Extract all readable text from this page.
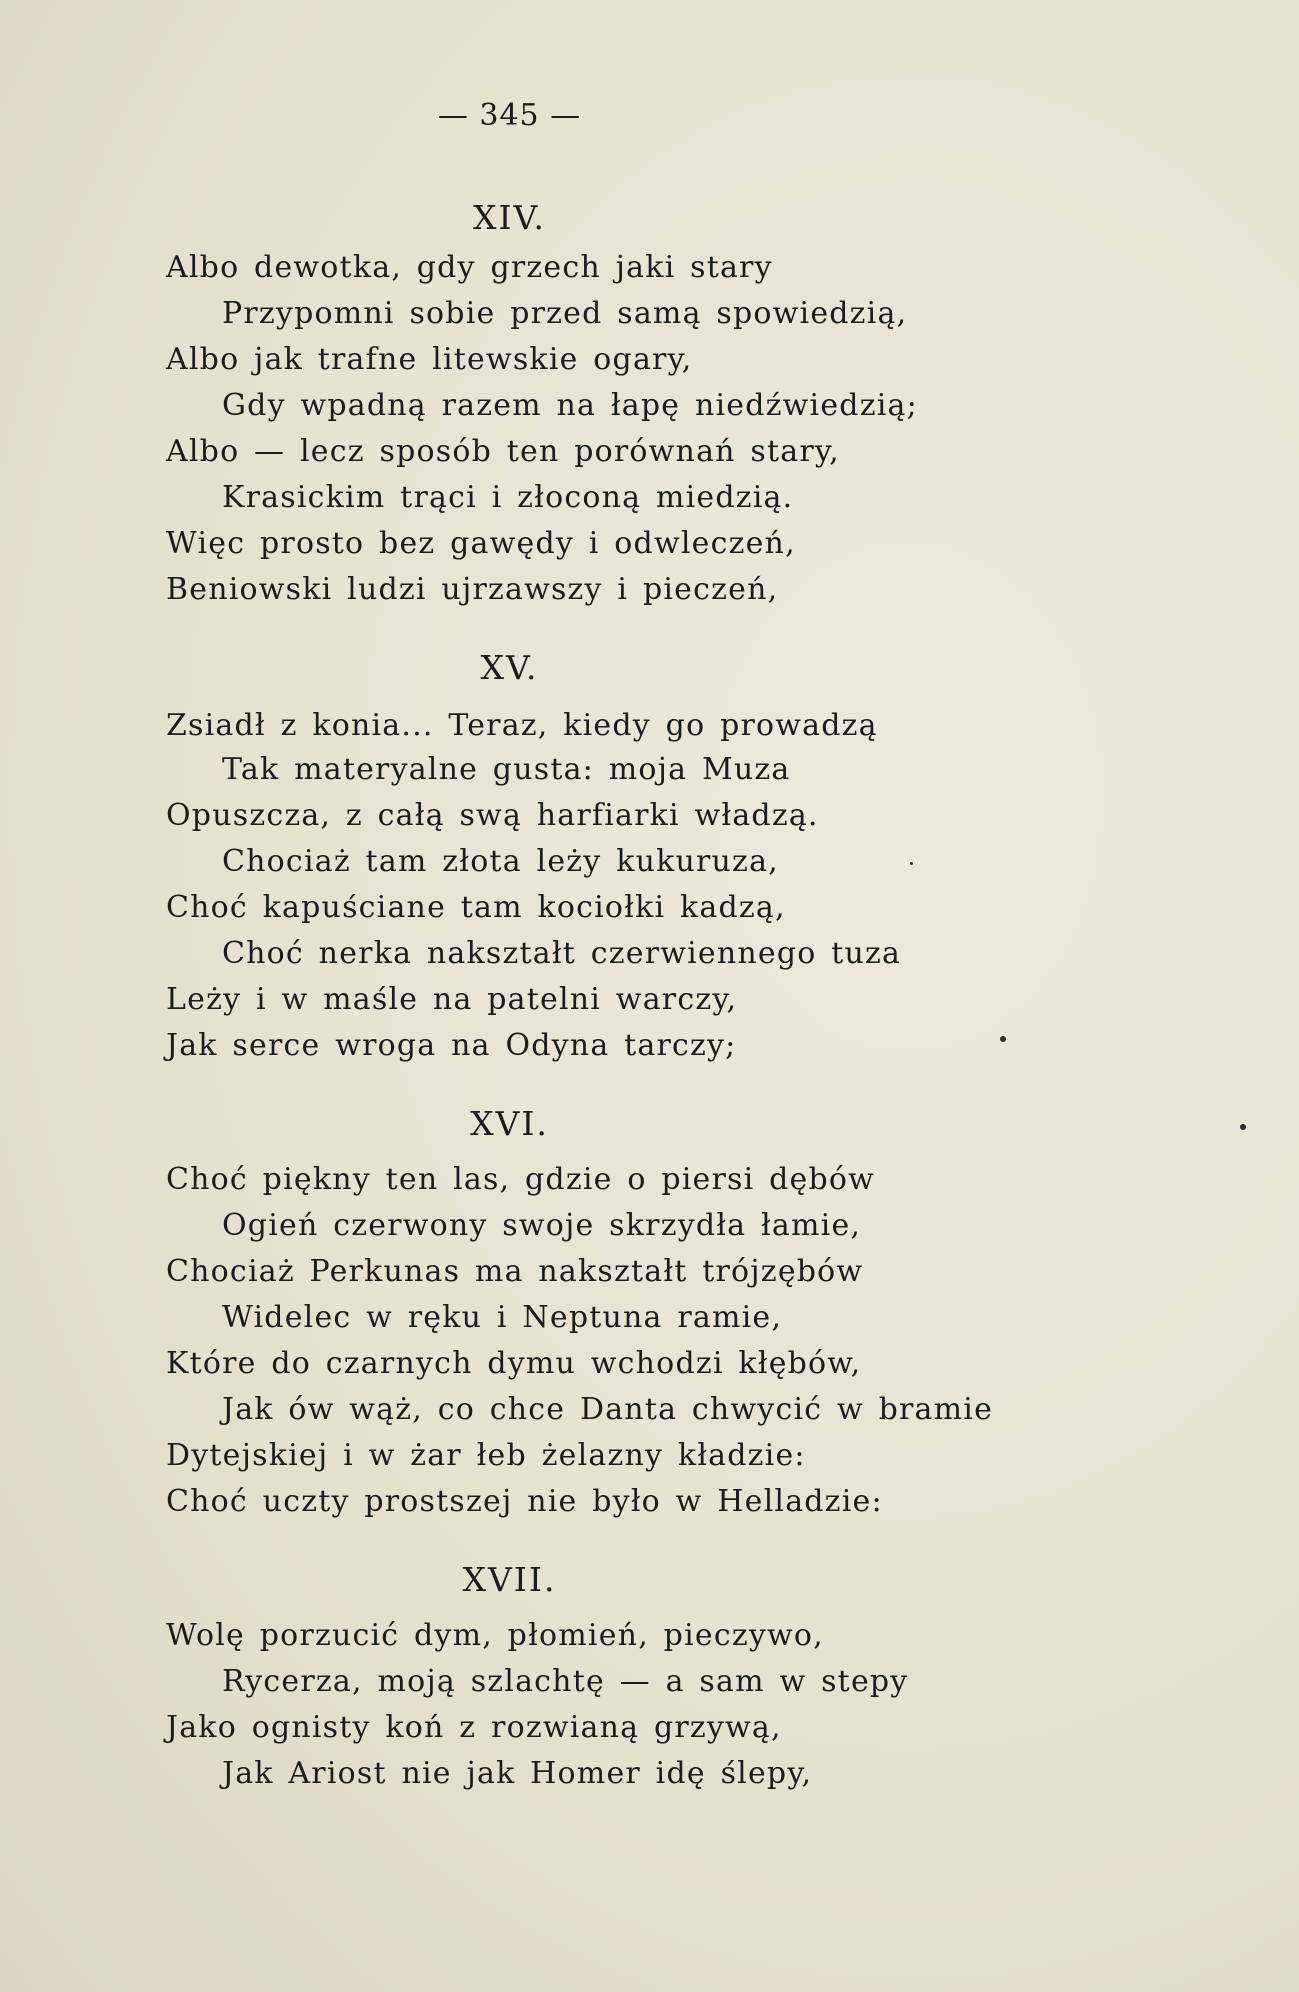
— 345 —
XIV.
Albo dewotka, gdy grzech jaki stary
Przypomni sobie przed samą spowiedzią,
Albo jak trafne litewskie ogary,
Gdy wpadną razem na łapę niedźwiedzią;
Albo — lecz sposób ten porównań stary,
Krasickim trąci i złoconą miedzią.
Więc prosto bez gawędy i odwleczeń,
Beniowski ludzi ujrzawszy i pieczeń,
XV.
Zsiadł z konia... Teraz, kiedy go prowadzą
Tak materyalne gusta: moja Muza
Opuszcza, z całą swą harfiarki władzą.
Chociaż tam złota leży kukuruza,
Choć kapuściane tam kociołki kadzą,
Choć nerka nakształt czerwiennego tuza
Leży i w maśle na patelni warczy,
Jak serce wroga na Odyna tarczy;
XVI.
Choć piękny ten las, gdzie o piersi dębów
Ogień czerwony swoje skrzydła łamie,
Chociaż Perkunas ma nakształt trójzębów
Widelec w ręku i Neptuna ramie,
Które do czarnych dymu wchodzi kłębów,
Jak ów wąż, co chce Danta chwycić w bramie
Dytejskiej i w żar łeb żelazny kładzie:
Choć uczty prostszej nie było w Helladzie:
XVII.
Wolę porzucić dym, płomień, pieczywo,
Rycerza, moją szlachtę — a sam w stepy
Jako ognisty koń z rozwianą grzywą,
Jak Ariost nie jak Homer idę ślepy,
